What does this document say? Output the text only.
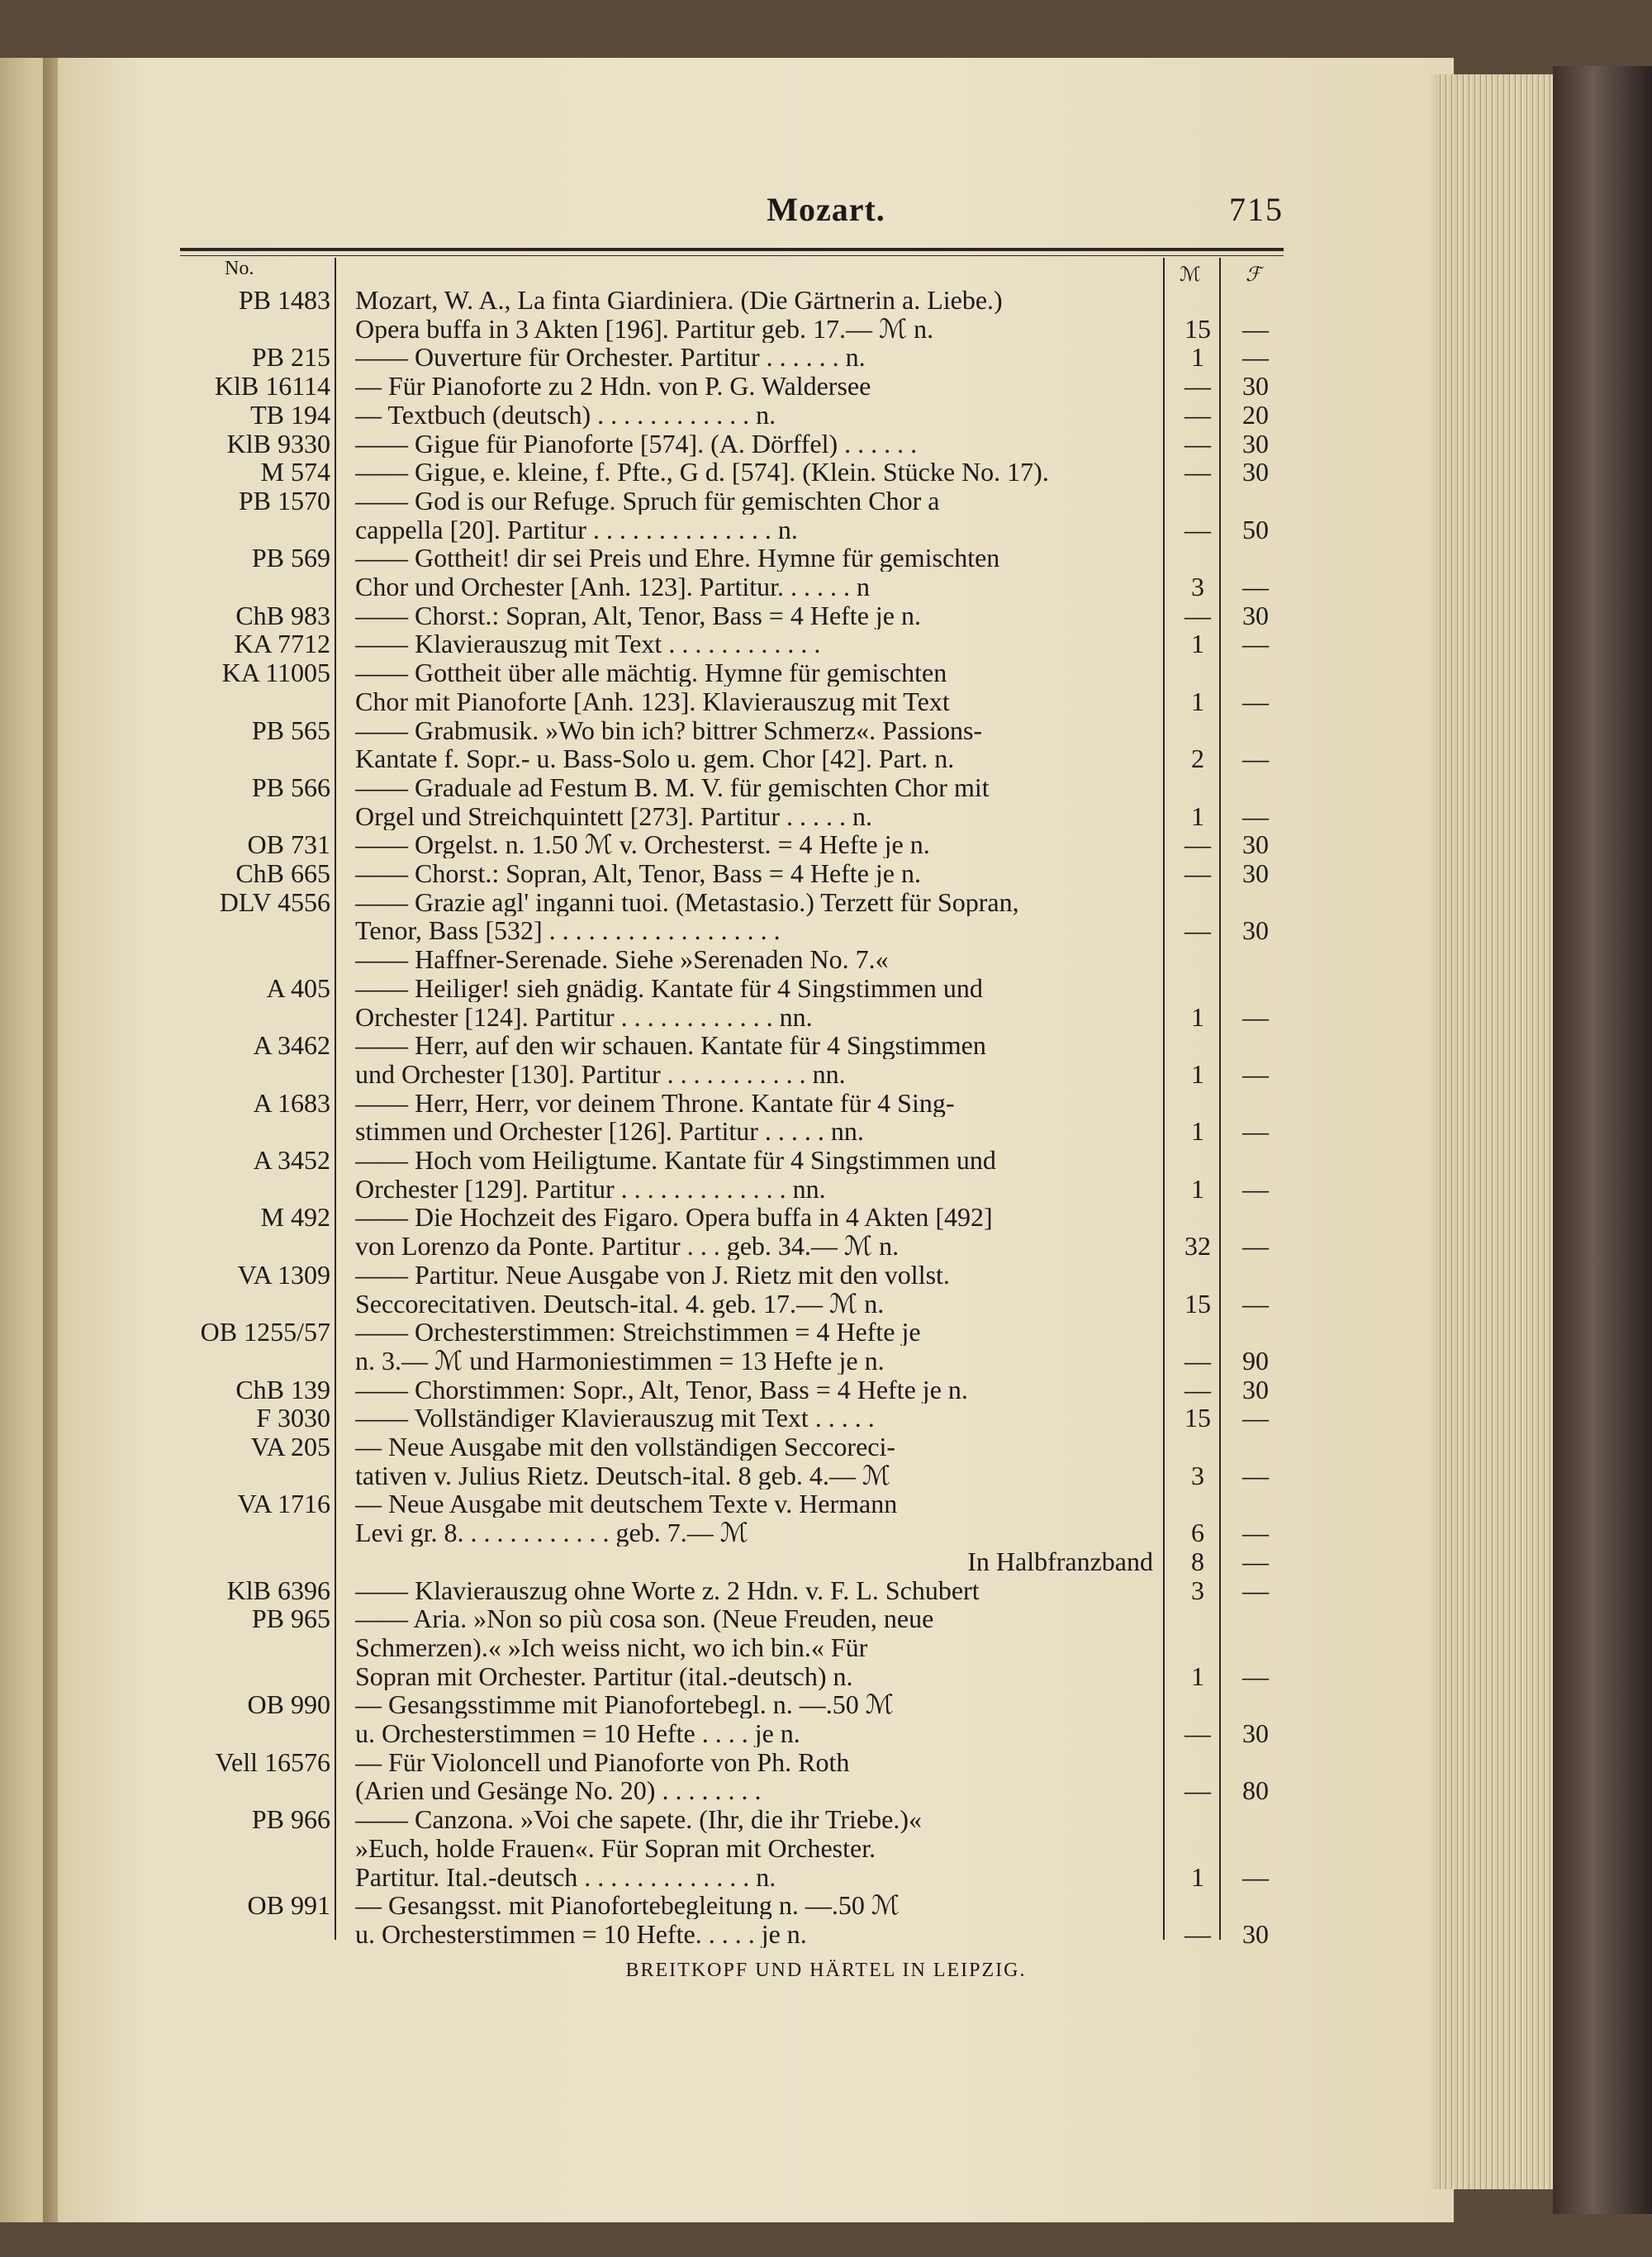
Mozart.	715
No.	ℳ ℱ
PB 1483 Mozart, W. A., La finta Giardiniera. (Die Gärtnerin a. Liebe.)
Opera buffa in 3 Akten [196]. Partitur geb. 17.— ℳ n.	15	—
PB 215 —— Ouverture für Orchester. Partitur . . . . . . n.	1	—
KlB 16114 — Für Pianoforte zu 2 Hdn. von P. G. Waldersee	—	30
TB 194 — Textbuch (deutsch) . . . . . . . . . . . . n.	—	20
KlB 9330 —— Gigue für Pianoforte [574]. (A. Dörffel) . . . . . .	—	30
M 574 —— Gigue, e. kleine, f. Pfte., G d. [574]. (Klein. Stücke No. 17).	—	30
PB 1570 —— God is our Refuge. Spruch für gemischten Chor a
cappella [20]. Partitur . . . . . . . . . . . . . . n.	—	50
PB 569 —— Gottheit! dir sei Preis und Ehre. Hymne für gemischten
Chor und Orchester [Anh. 123]. Partitur. . . . . . n	3	—
ChB 983 —— Chorst.: Sopran, Alt, Tenor, Bass = 4 Hefte je n.	—	30
KA 7712 —— Klavierauszug mit Text . . . . . . . . . . . .	1	—
KA 11005 —— Gottheit über alle mächtig. Hymne für gemischten
Chor mit Pianoforte [Anh. 123]. Klavierauszug mit Text	1	—
PB 565 —— Grabmusik. »Wo bin ich? bittrer Schmerz«. Passions-
Kantate f. Sopr.- u. Bass-Solo u. gem. Chor [42]. Part. n.	2	—
PB 566 —— Graduale ad Festum B. M. V. für gemischten Chor mit
Orgel und Streichquintett [273]. Partitur . . . . . n.	1	—
OB 731 —— Orgelst. n. 1.50 ℳ v. Orchesterst. = 4 Hefte je n.	—	30
ChB 665 —— Chorst.: Sopran, Alt, Tenor, Bass = 4 Hefte je n.	—	30
DLV 4556 —— Grazie agl' inganni tuoi. (Metastasio.) Terzett für Sopran,
Tenor, Bass [532] . . . . . . . . . . . . . . . . . .	—	30
—— Haffner-Serenade. Siehe »Serenaden No. 7.«
A 405 —— Heiliger! sieh gnädig. Kantate für 4 Singstimmen und
Orchester [124]. Partitur . . . . . . . . . . . . nn.	1	—
A 3462 —— Herr, auf den wir schauen. Kantate für 4 Singstimmen
und Orchester [130]. Partitur . . . . . . . . . . . nn.	1	—
A 1683 —— Herr, Herr, vor deinem Throne. Kantate für 4 Sing-
stimmen und Orchester [126]. Partitur . . . . . nn.	1	—
A 3452 —— Hoch vom Heiligtume. Kantate für 4 Singstimmen und
Orchester [129]. Partitur . . . . . . . . . . . . . nn.	1	—
M 492 —— Die Hochzeit des Figaro. Opera buffa in 4 Akten [492]
von Lorenzo da Ponte. Partitur . . . geb. 34.— ℳ n.	32	—
VA 1309 —— Partitur. Neue Ausgabe von J. Rietz mit den vollst.
Seccorecitativen. Deutsch-ital. 4. geb. 17.— ℳ n.	15	—
OB 1255/57 —— Orchesterstimmen: Streichstimmen = 4 Hefte je
n. 3.— ℳ und Harmoniestimmen = 13 Hefte je n.	—	90
ChB 139 —— Chorstimmen: Sopr., Alt, Tenor, Bass = 4 Hefte je n.	—	30
F 3030 —— Vollständiger Klavierauszug mit Text . . . . .	15	—
VA 205 — Neue Ausgabe mit den vollständigen Seccoreci-
tativen v. Julius Rietz. Deutsch-ital. 8 geb. 4.— ℳ	3	—
VA 1716 — Neue Ausgabe mit deutschem Texte v. Hermann
Levi gr. 8. . . . . . . . . . . . geb. 7.— ℳ	6	—
In Halbfranzband	8	—
KlB 6396 —— Klavierauszug ohne Worte z. 2 Hdn. v. F. L. Schubert	3	—
PB 965 —— Aria. »Non so più cosa son. (Neue Freuden, neue
Schmerzen).« »Ich weiss nicht, wo ich bin.« Für
Sopran mit Orchester. Partitur (ital.-deutsch) n.	1	—
OB 990 — Gesangsstimme mit Pianofortebegl. n. —.50 ℳ
u. Orchesterstimmen = 10 Hefte . . . . je n.	—	30
Vell 16576 — Für Violoncell und Pianoforte von Ph. Roth
(Arien und Gesänge No. 20) . . . . . . . .	—	80
PB 966 —— Canzona. »Voi che sapete. (Ihr, die ihr Triebe.)«
»Euch, holde Frauen«. Für Sopran mit Orchester.
Partitur. Ital.-deutsch . . . . . . . . . . . . . n.	1	—
OB 991 — Gesangsst. mit Pianofortebegleitung n. —.50 ℳ
u. Orchesterstimmen = 10 Hefte. . . . . je n.	—	30
BREITKOPF UND HÄRTEL IN LEIPZIG.
